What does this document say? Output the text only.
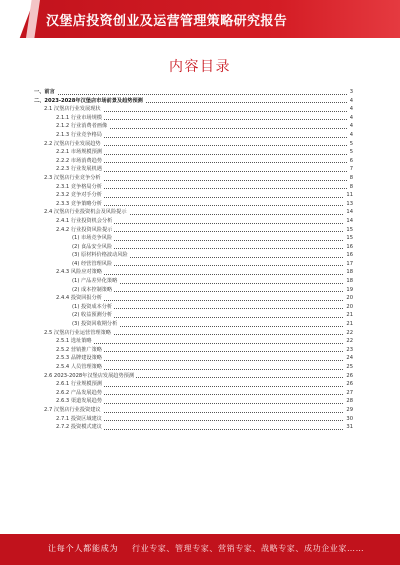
汉堡店投资创业及运营管理策略研究报告
内容目录
一、前言	3
二、2023-2028年汉堡店市场前景及趋势预测	4
2.1 汉堡店行业发展现状	4
2.1.1 行业市场规模	4
2.1.2 行业消费者画像	4
2.1.3 行业竞争格局	4
2.2 汉堡店行业发展趋势	5
2.2.1 市场规模预测	5
2.2.2 市场消费趋势	6
2.2.3 行业发展机遇	7
2.3 汉堡店行业竞争分析	8
2.3.1 竞争格局分析	8
2.3.2 竞争对手分析	11
2.3.3 竞争策略分析	13
2.4 汉堡店行业投资机会及风险提示	14
2.4.1 行业投资机会分析	14
2.4.2 行业投资风险提示	15
(1) 市场竞争风险	15
(2) 食品安全风险	16
(3) 原材料价格波动风险	16
(4) 经营管理风险	17
2.4.3 风险应对策略	18
(1) 产品差异化策略	18
(2) 成本控制策略	19
2.4.4 投资回报分析	20
(1) 投资成本分析	20
(2) 收益预测分析	21
(3) 投资回收期分析	21
2.5 汉堡店行业运营管理策略	22
2.5.1 选址策略	22
2.5.2 营销推广策略	23
2.5.3 品牌建设策略	24
2.5.4 人员管理策略	25
2.6 2023-2028年汉堡店发展趋势预测	26
2.6.1 行业规模预测	26
2.6.2 产品发展趋势	27
2.6.3 渠道发展趋势	28
2.7 汉堡店行业投资建议	29
2.7.1 投资区域建议	30
2.7.2 投资模式建议	31
让每个人都能成为 行业专家、管理专家、营销专家、战略专家、成功企业家……
